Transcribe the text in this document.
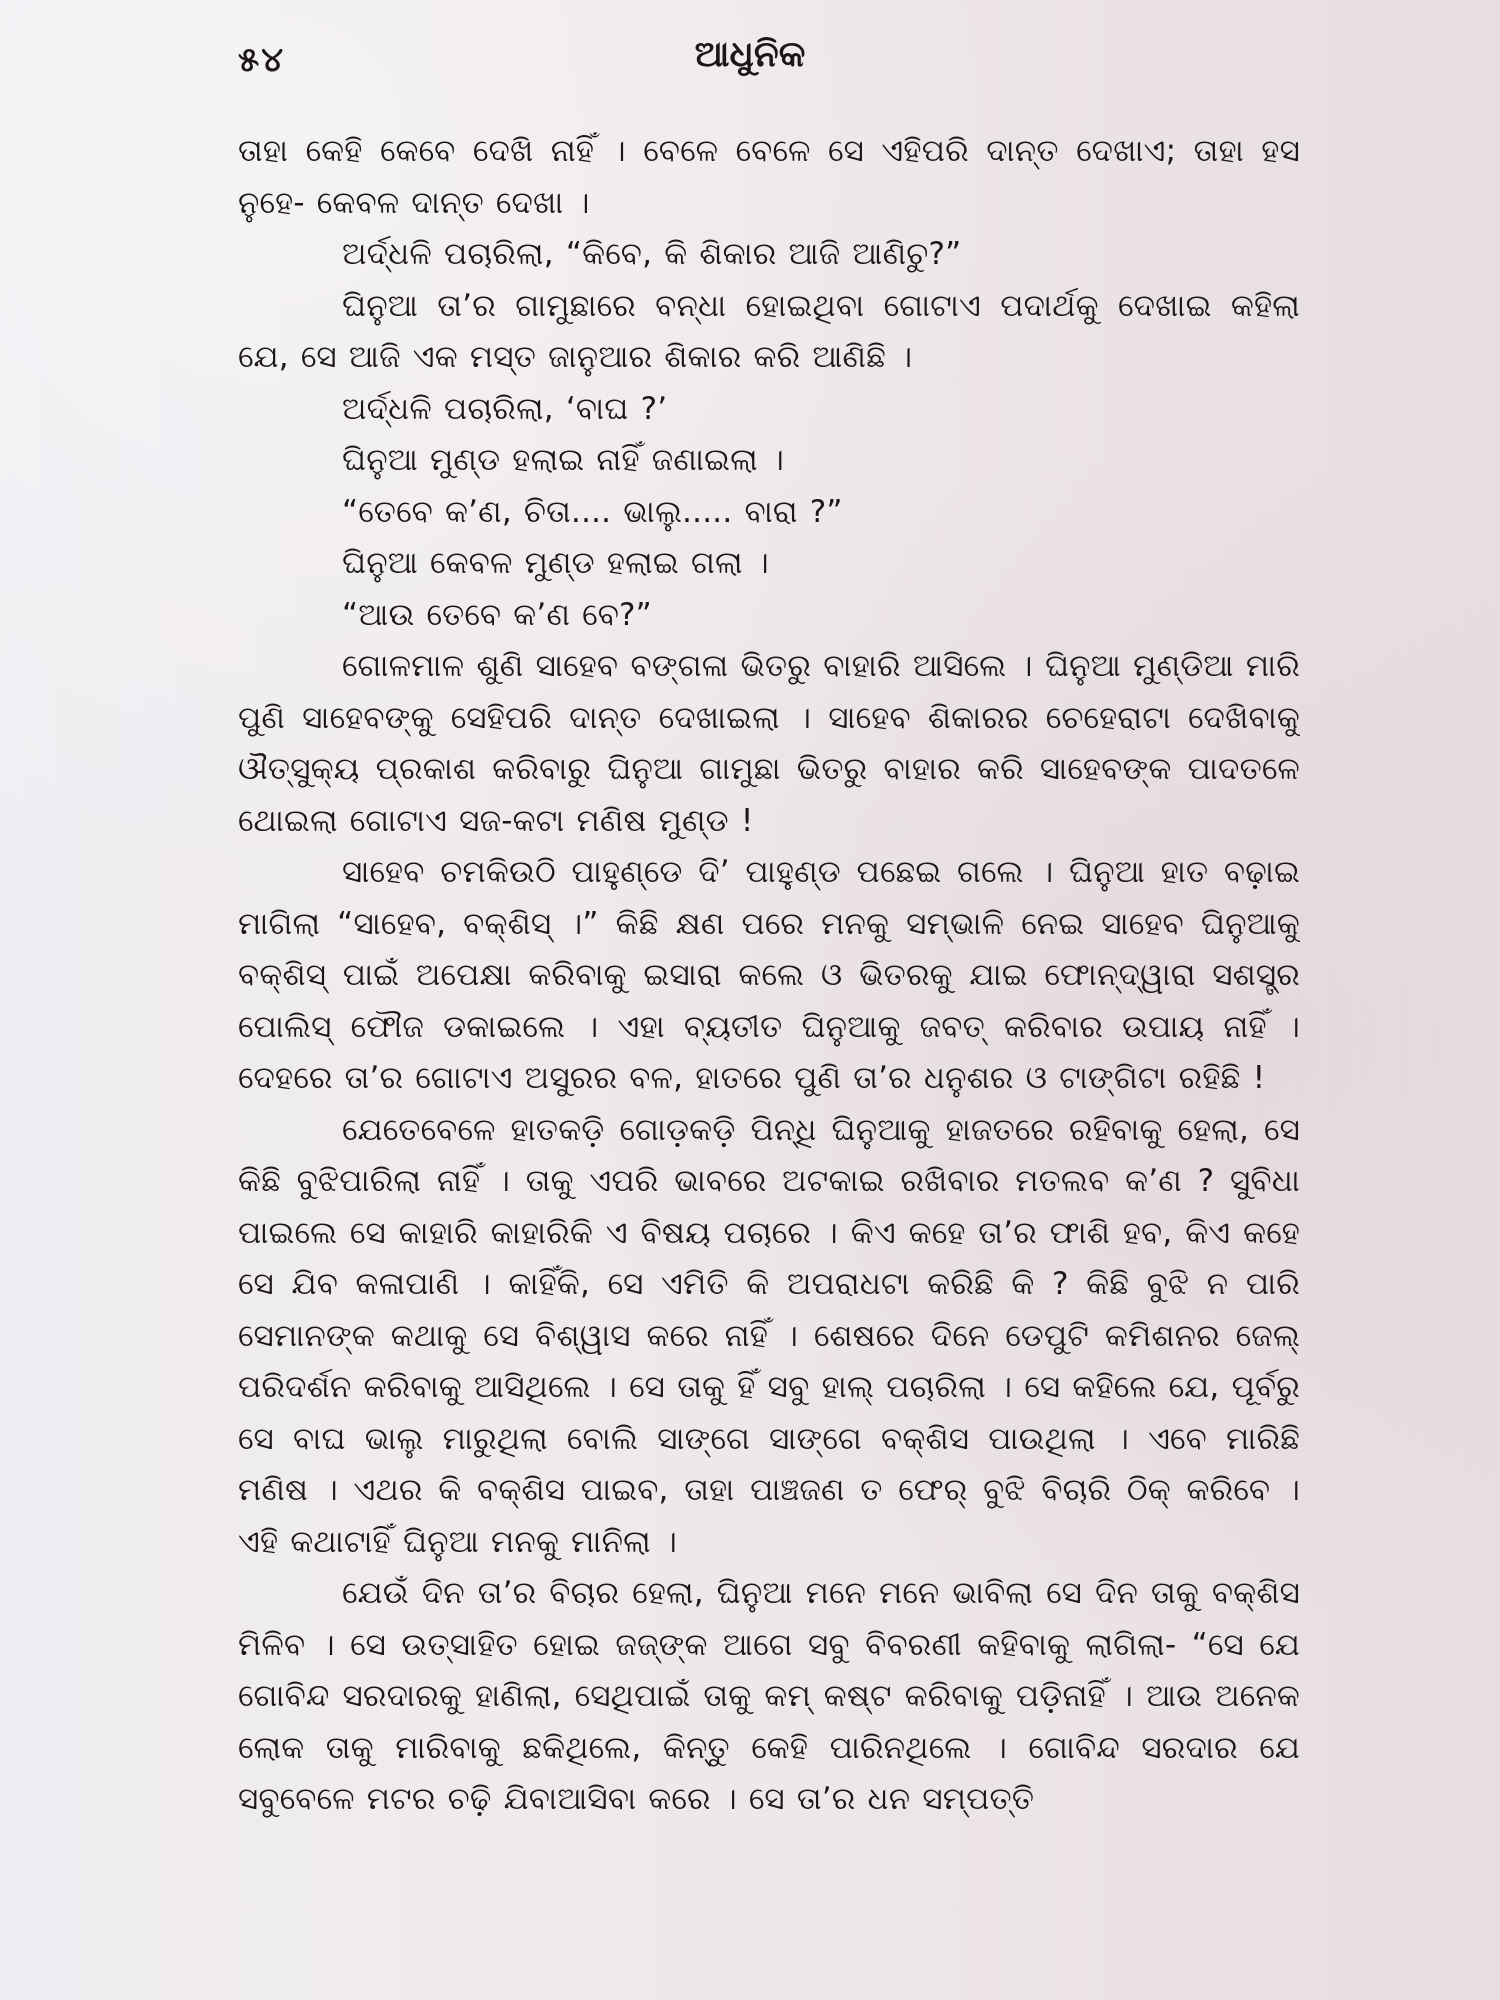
୫୪	ଆଧୁନିକ

ତାହା କେହି କେବେ ଦେଖି ନାହିଁ । ବେଳେ ବେଳେ ସେ ଏହିପରି ଦାନ୍ତ ଦେଖାଏ; ତାହା ହସ ନୁହେ- କେବଳ ଦାନ୍ତ ଦେଖା ।

ଅର୍ଦ୍ଧଳି ପଚାରିଲା, “କିବେ, କି ଶିକାର ଆଜି ଆଣିଚୁ?”

ଘିନୁଆ ତା’ର ଗାମୁଛାରେ ବନ୍ଧା ହୋଇଥିବା ଗୋଟାଏ ପଦାର୍ଥକୁ ଦେଖାଇ କହିଲା ଯେ, ସେ ଆଜି ଏକ ମସ୍ତ ଜାନୁଆର ଶିକାର କରି ଆଣିଛି ।

ଅର୍ଦ୍ଧଳି ପଚାରିଲା, ‘ବାଘ ?’

ଘିନୁଆ ମୁଣ୍ଡ ହଲାଇ ନାହିଁ ଜଣାଇଲା ।

“ତେବେ କ’ଣ, ଚିତା.... ଭାଲୁ..... ବାରା ?”

ଘିନୁଆ କେବଳ ମୁଣ୍ଡ ହଲାଇ ଗଲା ।

“ଆଉ ତେବେ କ’ଣ ବେ?”

ଗୋଳମାଳ ଶୁଣି ସାହେବ ବଙ୍ଗଳା ଭିତରୁ ବାହାରି ଆସିଲେ । ଘିନୁଆ ମୁଣ୍ଡିଆ ମାରି ପୁଣି ସାହେବଙ୍କୁ ସେହିପରି ଦାନ୍ତ ଦେଖାଇଲା । ସାହେବ ଶିକାରର ଚେହେରାଟା ଦେଖିବାକୁ ଔତ୍ସୁକ୍ୟ ପ୍ରକାଶ କରିବାରୁ ଘିନୁଆ ଗାମୁଛା ଭିତରୁ ବାହାର କରି ସାହେବଙ୍କ ପାଦତଳେ ଥୋଇଲା ଗୋଟାଏ ସଜ-କଟା ମଣିଷ ମୁଣ୍ଡ !

ସାହେବ ଚମକିଉଠି ପାହୁଣ୍ଡେ ଦି’ ପାହୁଣ୍ଡ ପଛେଇ ଗଲେ । ଘିନୁଆ ହାତ ବଢ଼ାଇ ମାଗିଲା “ସାହେବ, ବକ୍‌ଶିସ୍ ।” କିଛି କ୍ଷଣ ପରେ ମନକୁ ସମ୍ଭାଳି ନେଇ ସାହେବ ଘିନୁଆକୁ ବକ୍‌ଶିସ୍ ପାଇଁ ଅପେକ୍ଷା କରିବାକୁ ଇସାରା କଲେ ଓ ଭିତରକୁ ଯାଇ ଫୋନ୍‌ଦ୍ୱାରା ସଶସ୍ତ୍ର ପୋଲିସ୍ ଫୌଜ ଡକାଇଲେ । ଏହା ବ୍ୟତୀତ ଘିନୁଆକୁ ଜବତ୍ କରିବାର ଉପାୟ ନାହିଁ । ଦେହରେ ତା’ର ଗୋଟାଏ ଅସୁରର ବଳ, ହାତରେ ପୁଣି ତା’ର ଧନୁଶର ଓ ଟାଙ୍ଗିଟା ରହିଛି !

ଯେତେବେଳେ ହାତକଡ଼ି ଗୋଡ଼କଡ଼ି ପିନ୍ଧି ଘିନୁଆକୁ ହାଜତରେ ରହିବାକୁ ହେଲା, ସେ କିଛି ବୁଝିପାରିଲା ନାହିଁ । ତାକୁ ଏପରି ଭାବରେ ଅଟକାଇ ରଖିବାର ମତଲବ କ’ଣ ? ସୁବିଧା ପାଇଲେ ସେ କାହାରି କାହାରିକି ଏ ବିଷୟ ପଚାରେ । କିଏ କହେ ତା’ର ଫାଶି ହବ, କିଏ କହେ ସେ ଯିବ କଳାପାଣି । କାହିଁକି, ସେ ଏମିତି କି ଅପରାଧଟା କରିଛି କି ? କିଛି ବୁଝି ନ ପାରି ସେମାନଙ୍କ କଥାକୁ ସେ ବିଶ୍ୱାସ କରେ ନାହିଁ । ଶେଷରେ ଦିନେ ଡେପୁଟି କମିଶନର ଜେଲ୍ ପରିଦର୍ଶନ କରିବାକୁ ଆସିଥିଲେ । ସେ ତାକୁ ହିଁ ସବୁ ହାଲ୍ ପଚାରିଲା । ସେ କହିଲେ ଯେ, ପୂର୍ବରୁ ସେ ବାଘ ଭାଲୁ ମାରୁଥିଲା ବୋଲି ସାଙ୍ଗେ ସାଙ୍ଗେ ବକ୍‌ଶିସ ପାଉଥିଲା । ଏବେ ମାରିଛି ମଣିଷ । ଏଥର କି ବକ୍‌ଶିସ ପାଇବ, ତାହା ପାଞ୍ଚଜଣ ତ ଫେର୍ ବୁଝି ବିଚାରି ଠିକ୍ କରିବେ । ଏହି କଥାଟାହିଁ ଘିନୁଆ ମନକୁ ମାନିଲା ।

ଯେଉଁ ଦିନ ତା’ର ବିଚାର ହେଲା, ଘିନୁଆ ମନେ ମନେ ଭାବିଲା ସେ ଦିନ ତାକୁ ବକ୍‌ଶିସ ମିଳିବ । ସେ ଉତ୍ସାହିତ ହୋଇ ଜଜ୍‌ଙ୍କ ଆଗେ ସବୁ ବିବରଣୀ କହିବାକୁ ଲାଗିଲା- “ସେ ଯେ ଗୋବିନ୍ଦ ସରଦାରକୁ ହାଣିଲା, ସେଥିପାଇଁ ତାକୁ କମ୍ କଷ୍ଟ କରିବାକୁ ପଡ଼ିନାହିଁ । ଆଉ ଅନେକ ଲୋକ ତାକୁ ମାରିବାକୁ ଛକିଥିଲେ, କିନ୍ତୁ କେହି ପାରିନଥିଲେ । ଗୋବିନ୍ଦ ସରଦାର ଯେ ସବୁବେଳେ ମଟର ଚଢ଼ି ଯିବାଆସିବା କରେ । ସେ ତା’ର ଧନ ସମ୍ପତ୍ତି
